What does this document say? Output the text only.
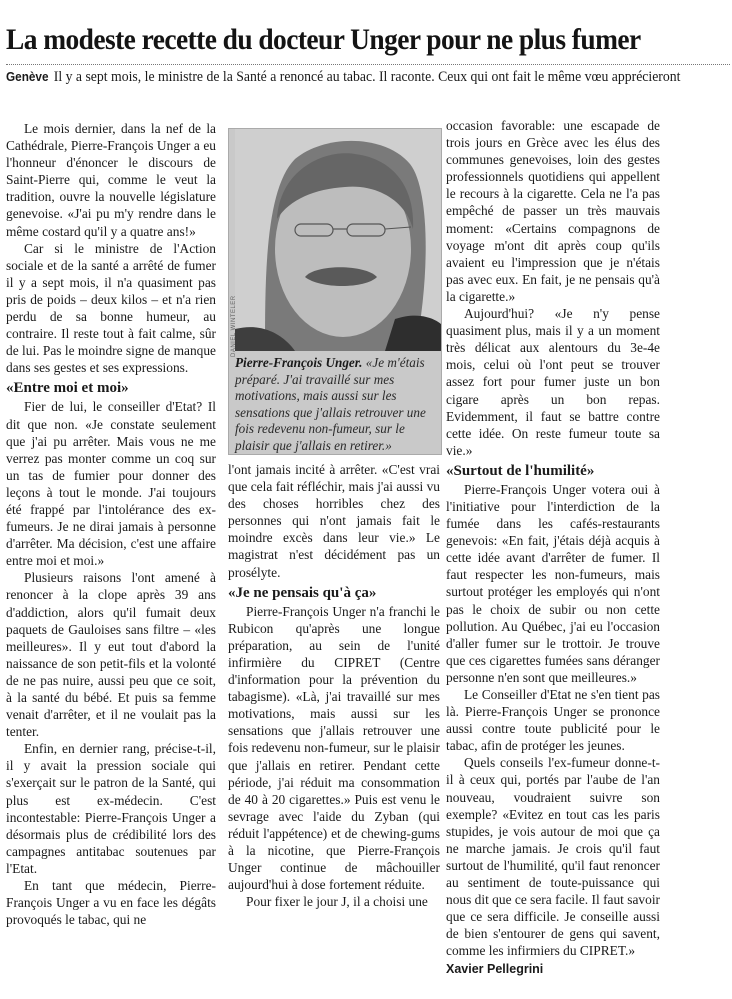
La modeste recette du docteur Unger pour ne plus fumer
Genève Il y a sept mois, le ministre de la Santé a renoncé au tabac. Il raconte. Ceux qui ont fait le même vœu apprécieront

Le mois dernier, dans la nef de la Cathédrale, Pierre-François Unger a eu l'honneur d'énoncer le discours de Saint-Pierre qui, comme le veut la tradition, ouvre la nouvelle législature genevoise. «J'ai pu m'y rendre dans le même costard qu'il y a quatre ans!»

Car si le ministre de l'Action sociale et de la santé a arrêté de fumer il y a sept mois, il n'a quasiment pas pris de poids – deux kilos – et n'a rien perdu de sa bonne humeur, au contraire. Il reste tout à fait calme, sûr de lui. Pas le moindre signe de manque dans ses gestes et ses expressions.

«Entre moi et moi»

Fier de lui, le conseiller d'Etat? Il dit que non. «Je constate seulement que j'ai pu arrêter. Mais vous ne me verrez pas monter comme un coq sur un tas de fumier pour donner des leçons à tout le monde. J'ai toujours été frappé par l'intolérance des ex-fumeurs. Je ne dirai jamais à personne d'arrêter. Ma décision, c'est une affaire entre moi et moi.»

Plusieurs raisons l'ont amené à renoncer à la clope après 39 ans d'addiction, alors qu'il fumait deux paquets de Gauloises sans filtre – «les meilleures». Il y eut tout d'abord la naissance de son petit-fils et la volonté de ne pas nuire, aussi peu que ce soit, à la santé du bébé. Et puis sa femme venait d'arrêter, et il ne voulait pas la tenter.

Enfin, en dernier rang, précise-t-il, il y avait la pression sociale qui s'exerçait sur le patron de la Santé, qui plus est ex-médecin. C'est incontestable: Pierre-François Unger a désormais plus de crédibilité lors des campagnes antitabac soutenues par l'Etat.

En tant que médecin, Pierre-François Unger a vu en face les dégâts provoqués le tabac, qui ne

DANIEL WINTELER
Pierre-François Unger. «Je m'étais préparé. J'ai travaillé sur mes motivations, mais aussi sur les sensations que j'allais retrouver une fois redevenu non-fumeur, sur le plaisir que j'allais en retirer.»

l'ont jamais incité à arrêter. «C'est vrai que cela fait réfléchir, mais j'ai aussi vu des choses horribles chez des personnes qui n'ont jamais fait le moindre excès dans leur vie.» Le magistrat n'est décidément pas un prosélyte.

«Je ne pensais qu'à ça»

Pierre-François Unger n'a franchi le Rubicon qu'après une longue préparation, au sein de l'unité infirmière du CIPRET (Centre d'information pour la prévention du tabagisme). «Là, j'ai travaillé sur mes motivations, mais aussi sur les sensations que j'allais retrouver une fois redevenu non-fumeur, sur le plaisir que j'allais en retirer. Pendant cette période, j'ai réduit ma consommation de 40 à 20 cigarettes.» Puis est venu le sevrage avec l'aide du Zyban (qui réduit l'appétence) et de chewing-gums à la nicotine, que Pierre-François Unger continue de mâchouiller aujourd'hui à dose fortement réduite.

Pour fixer le jour J, il a choisi une

occasion favorable: une escapade de trois jours en Grèce avec les élus des communes genevoises, loin des gestes professionnels quotidiens qui appellent le recours à la cigarette. Cela ne l'a pas empêché de passer un très mauvais moment: «Certains compagnons de voyage m'ont dit après coup qu'ils avaient eu l'impression que je n'étais pas avec eux. En fait, je ne pensais qu'à la cigarette.»

Aujourd'hui? «Je n'y pense quasiment plus, mais il y a un moment très délicat aux alentours du 3e-4e mois, celui où l'ont peut se trouver assez fort pour fumer juste un bon cigare après un bon repas. Evidemment, il faut se battre contre cette idée. On reste fumeur toute sa vie.»

«Surtout de l'humilité»

Pierre-François Unger votera oui à l'initiative pour l'interdiction de la fumée dans les cafés-restaurants genevois: «En fait, j'étais déjà acquis à cette idée avant d'arrêter de fumer. Il faut respecter les non-fumeurs, mais surtout protéger les employés qui n'ont pas le choix de subir ou non cette pollution. Au Québec, j'ai eu l'occasion d'aller fumer sur le trottoir. Je trouve que ces cigarettes fumées sans déranger personne n'en sont que meilleures.»

Le Conseiller d'Etat ne s'en tient pas là. Pierre-François Unger se prononce aussi contre toute publicité pour le tabac, afin de protéger les jeunes.

Quels conseils l'ex-fumeur donne-t-il à ceux qui, portés par l'aube de l'an nouveau, voudraient suivre son exemple? «Evitez en tout cas les paris stupides, je vois autour de moi que ça ne marche jamais. Je crois qu'il faut surtout de l'humilité, qu'il faut renoncer au sentiment de toute-puissance qui nous dit que ce sera facile. Il faut savoir que ce sera difficile. Je conseille aussi de bien s'entourer de gens qui savent, comme les infirmiers du CIPRET.»

Xavier Pellegrini
